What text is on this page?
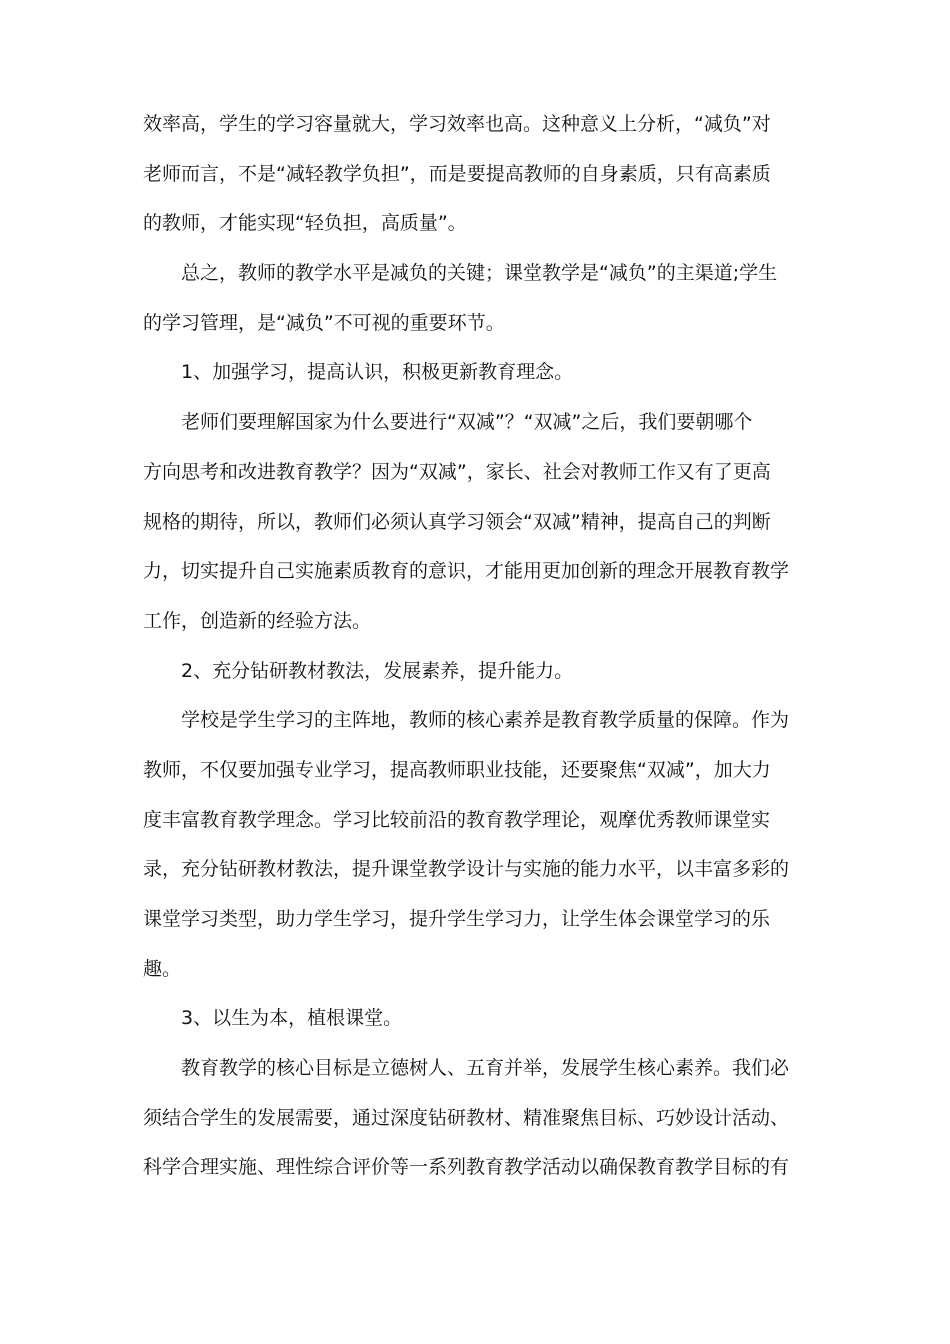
效率高，学生的学习容量就大，学习效率也高。这种意义上分析，“减负”对
老师而言，不是“减轻教学负担”，而是要提高教师的自身素质，只有高素质
的教师，才能实现“轻负担，高质量”。
总之，教师的教学水平是减负的关键；课堂教学是“减负”的主渠道;学生
的学习管理，是“减负”不可视的重要环节。
1、加强学习，提高认识，积极更新教育理念。
老师们要理解国家为什么要进行“双减”？“双减”之后，我们要朝哪个
方向思考和改进教育教学？因为“双减”，家长、社会对教师工作又有了更高
规格的期待，所以，教师们必须认真学习领会“双减”精神，提高自己的判断
力，切实提升自己实施素质教育的意识，才能用更加创新的理念开展教育教学
工作，创造新的经验方法。
2、充分钻研教材教法，发展素养，提升能力。
学校是学生学习的主阵地，教师的核心素养是教育教学质量的保障。作为
教师，不仅要加强专业学习，提高教师职业技能，还要聚焦“双减”，加大力
度丰富教育教学理念。学习比较前沿的教育教学理论，观摩优秀教师课堂实
录，充分钻研教材教法，提升课堂教学设计与实施的能力水平，以丰富多彩的
课堂学习类型，助力学生学习，提升学生学习力，让学生体会课堂学习的乐
趣。
3、以生为本，植根课堂。
教育教学的核心目标是立德树人、五育并举，发展学生核心素养。我们必
须结合学生的发展需要，通过深度钻研教材、精准聚焦目标、巧妙设计活动、
科学合理实施、理性综合评价等一系列教育教学活动以确保教育教学目标的有
